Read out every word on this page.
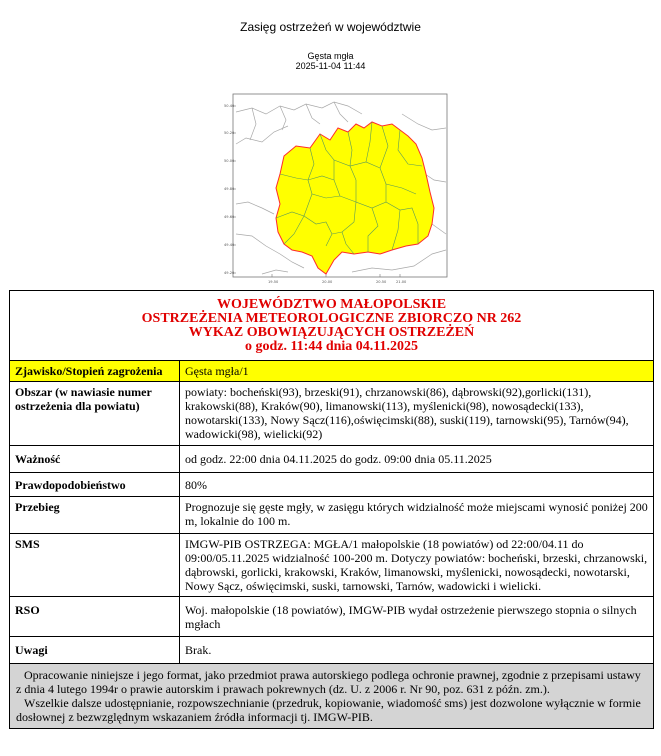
Zasięg ostrzeżeń w województwie
Gęsta mgła
2025-11-04 11:44
50.40
50.20
50.00
49.80
49.60
49.40
49.20
19.50	20.00	20.50	21.00
WOJEWÓDZTWO MAŁOPOLSKIE
OSTRZEŻENIA METEOROLOGICZNE ZBIORCZO NR 262
WYKAZ OBOWIĄZUJĄCYCH OSTRZEŻEŃ
o godz. 11:44 dnia 04.11.2025	

Zjawisko/Stopień zagrożenia	Gęsta mgła/1
Obszar (w nawiasie numer ostrzeżenia dla powiatu)	powiaty: bocheński(93), brzeski(91), chrzanowski(86), dąbrowski(92),gorlicki(131), krakowski(88), Kraków(90), limanowski(113), myślenicki(98), nowosądecki(133), nowotarski(133), Nowy Sącz(116),oświęcimski(88), suski(119), tarnowski(95), Tarnów(94), wadowicki(98), wielicki(92)
Ważność	od godz. 22:00 dnia 04.11.2025 do godz. 09:00 dnia 05.11.2025
Prawdopodobieństwo	80%
Przebieg	Prognozuje się gęste mgły, w zasięgu których widzialność może miejscami wynosić poniżej 200 m, lokalnie do 100 m.
SMS	IMGW-PIB OSTRZEGA: MGŁA/1 małopolskie (18 powiatów) od 22:00/04.11 do 09:00/05.11.2025 widzialność 100-200 m. Dotyczy powiatów: bocheński, brzeski, chrzanowski, dąbrowski, gorlicki, krakowski, Kraków, limanowski, myślenicki, nowosądecki, nowotarski, Nowy Sącz, oświęcimski, suski, tarnowski, Tarnów, wadowicki i wielicki.
RSO	Woj. małopolskie (18 powiatów), IMGW-PIB wydał ostrzeżenie pierwszego stopnia o silnych mgłach
Uwagi	Brak.

Opracowanie niniejsze i jego format, jako przedmiot prawa autorskiego podlega ochronie prawnej, zgodnie z przepisami ustawy z dnia 4 lutego 1994r o prawie autorskim i prawach pokrewnych (dz. U. z 2006 r. Nr 90, poz. 631 z późn. zm.).

Wszelkie dalsze udostępnianie, rozpowszechnianie (przedruk, kopiowanie, wiadomość sms) jest dozwolone wyłącznie w formie dosłownej z bezwzględnym wskazaniem źródła informacji tj. IMGW-PIB.	
